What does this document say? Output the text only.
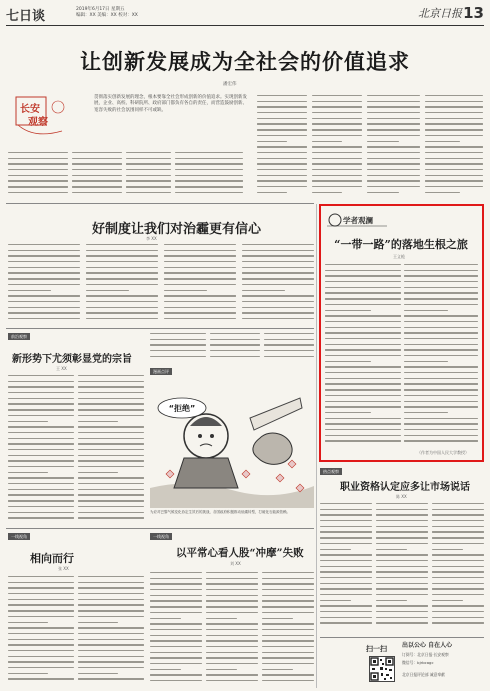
七日谈	2019年6月17日 星期五
编辑：XX 美编：XX 校对：XX	北京日报 13
让创新发展成为全社会的价值追求
潘宏伟
长安
观察
贯彻落实创新发展的理念，根本要靠全社会形成创新的价值追求。实现创新发展，企业、高校、科研院所、政府部门都负有各自的责任，而营造鼓励创新、宽容失败的社会氛围同样不可或缺。
好制度让我们对治霾更有信心
李 XX
前沿观察
新形势下尤须彰显党的宗旨
王 XX
漫画点评
“拒绝”
为应对巴黎气候变化协定生效后的挑战，各国政府积极推动低碳转型，打破化石能源依赖。
一线视角
相向而行
张 XX
一线视角
以平常心看人股“冲摩”失败
刘 XX
学者观澜
“一带一路”的落地生根之旅
王义桅
（作者为中国人民大学教授）
热点观察
职业资格认定应多让市场说话
陈 XX
扫一扫	出以公心 自在人心
订阅号：北京日报·长安观察
微信号：bjrbcagc
北京日报评论部 诚意奉献
